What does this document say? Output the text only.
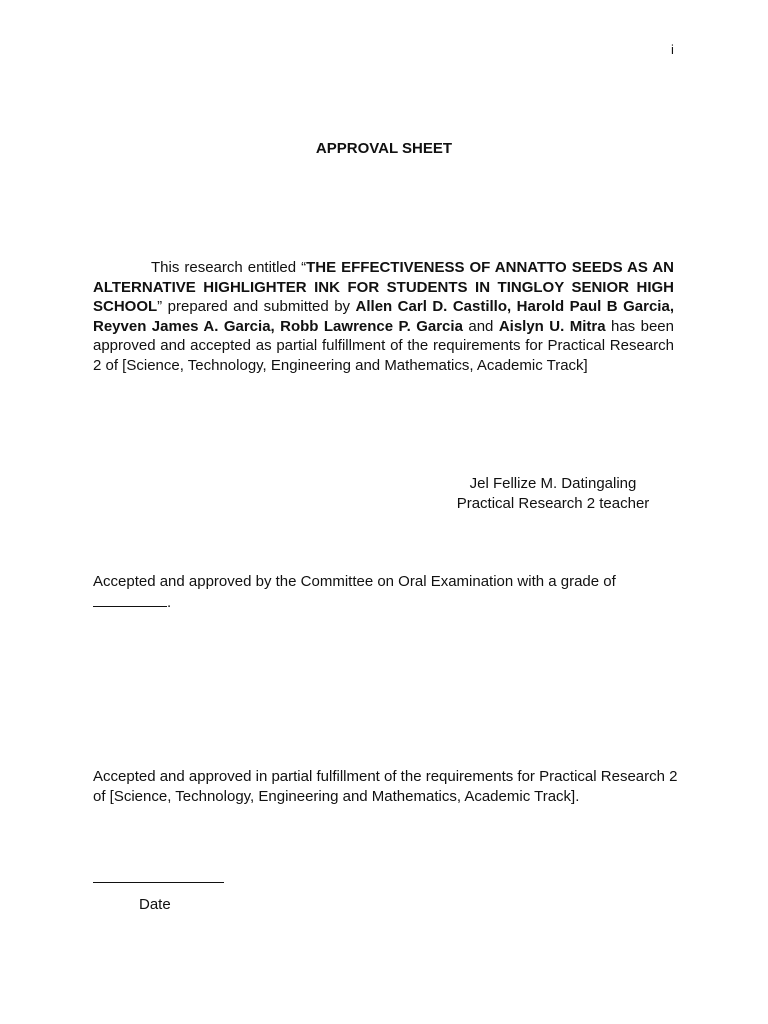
i
APPROVAL SHEET

This research entitled “THE EFFECTIVENESS OF ANNATTO SEEDS AS AN ALTERNATIVE HIGHLIGHTER INK FOR STUDENTS IN TINGLOY SENIOR HIGH SCHOOL” prepared and submitted by Allen Carl D. Castillo, Harold Paul B Garcia, Reyven James A. Garcia, Robb Lawrence P. Garcia and Aislyn U. Mitra has been approved and accepted as partial fulfillment of the requirements for Practical Research 2 of [Science, Technology, Engineering and Mathematics, Academic Track]

Jel Fellize M. Datingaling
Practical Research 2 teacher

Accepted and approved by the Committee on Oral Examination with a grade of .

Accepted and approved in partial fulfillment of the requirements for Practical Research 2 of [Science, Technology, Engineering and Mathematics, Academic Track].

Date
